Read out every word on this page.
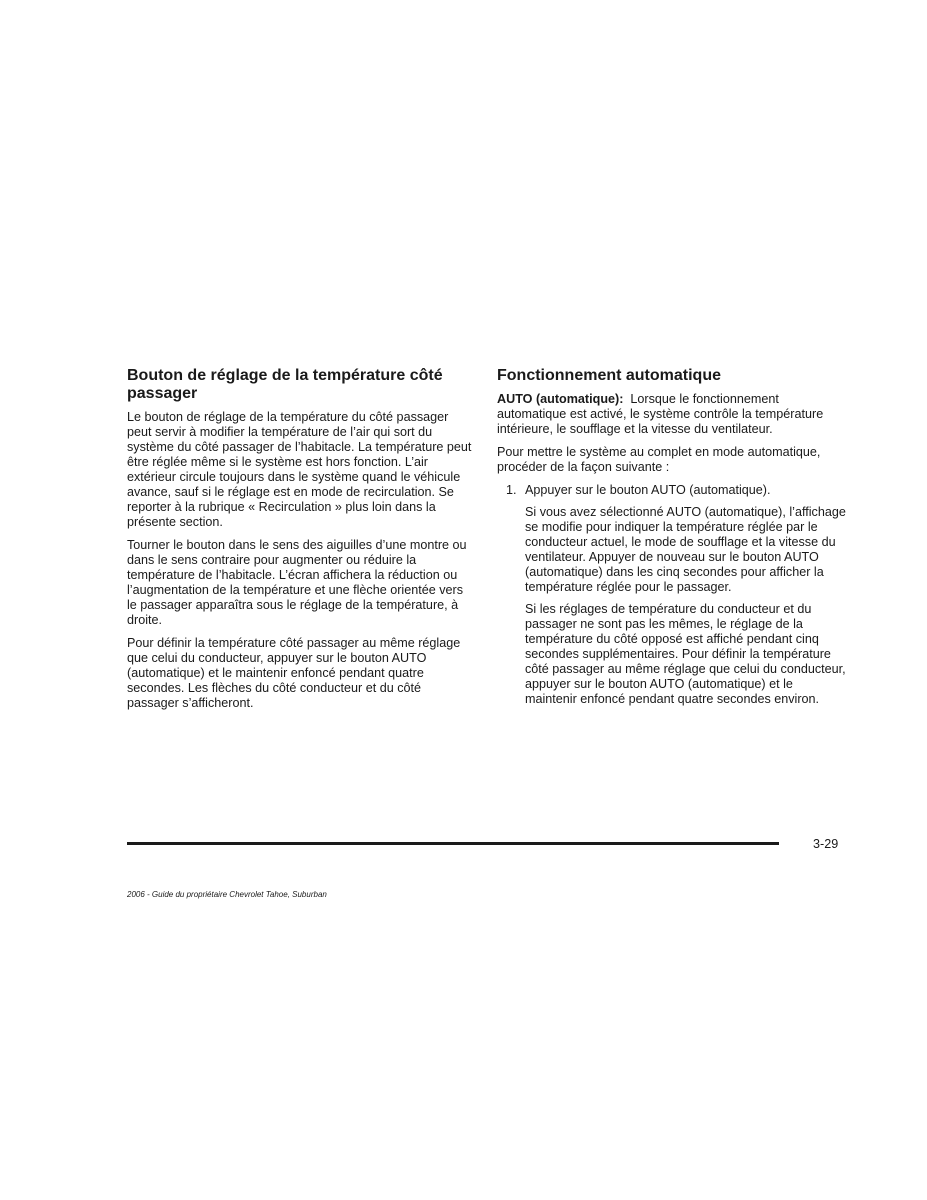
Bouton de réglage de la température côté passager

Le bouton de réglage de la température du côté passager peut servir à modifier la température de l’air qui sort du système du côté passager de l’habitacle. La température peut être réglée même si le système est hors fonction. L’air extérieur circule toujours dans le système quand le véhicule avance, sauf si le réglage est en mode de recirculation. Se reporter à la rubrique « Recirculation » plus loin dans la présente section.

Tourner le bouton dans le sens des aiguilles d’une montre ou dans le sens contraire pour augmenter ou réduire la température de l’habitacle. L’écran affichera la réduction ou l’augmentation de la température et une flèche orientée vers le passager apparaîtra sous le réglage de la température, à droite.

Pour définir la température côté passager au même réglage que celui du conducteur, appuyer sur le bouton AUTO (automatique) et le maintenir enfoncé pendant quatre secondes. Les flèches du côté conducteur et du côté passager s’afficheront.

Fonctionnement automatique

AUTO (automatique): Lorsque le fonctionnement automatique est activé, le système contrôle la température intérieure, le soufflage et la vitesse du ventilateur.

Pour mettre le système au complet en mode automatique, procéder de la façon suivante :

1. Appuyer sur le bouton AUTO (automatique).

Si vous avez sélectionné AUTO (automatique), l’affichage se modifie pour indiquer la température réglée par le conducteur actuel, le mode de soufflage et la vitesse du ventilateur. Appuyer de nouveau sur le bouton AUTO (automatique) dans les cinq secondes pour afficher la température réglée pour le passager.

Si les réglages de température du conducteur et du passager ne sont pas les mêmes, le réglage de la température du côté opposé est affiché pendant cinq secondes supplémentaires. Pour définir la température côté passager au même réglage que celui du conducteur, appuyer sur le bouton AUTO (automatique) et le maintenir enfoncé pendant quatre secondes environ.

3-29
2006 - Guide du propriétaire Chevrolet Tahoe, Suburban
